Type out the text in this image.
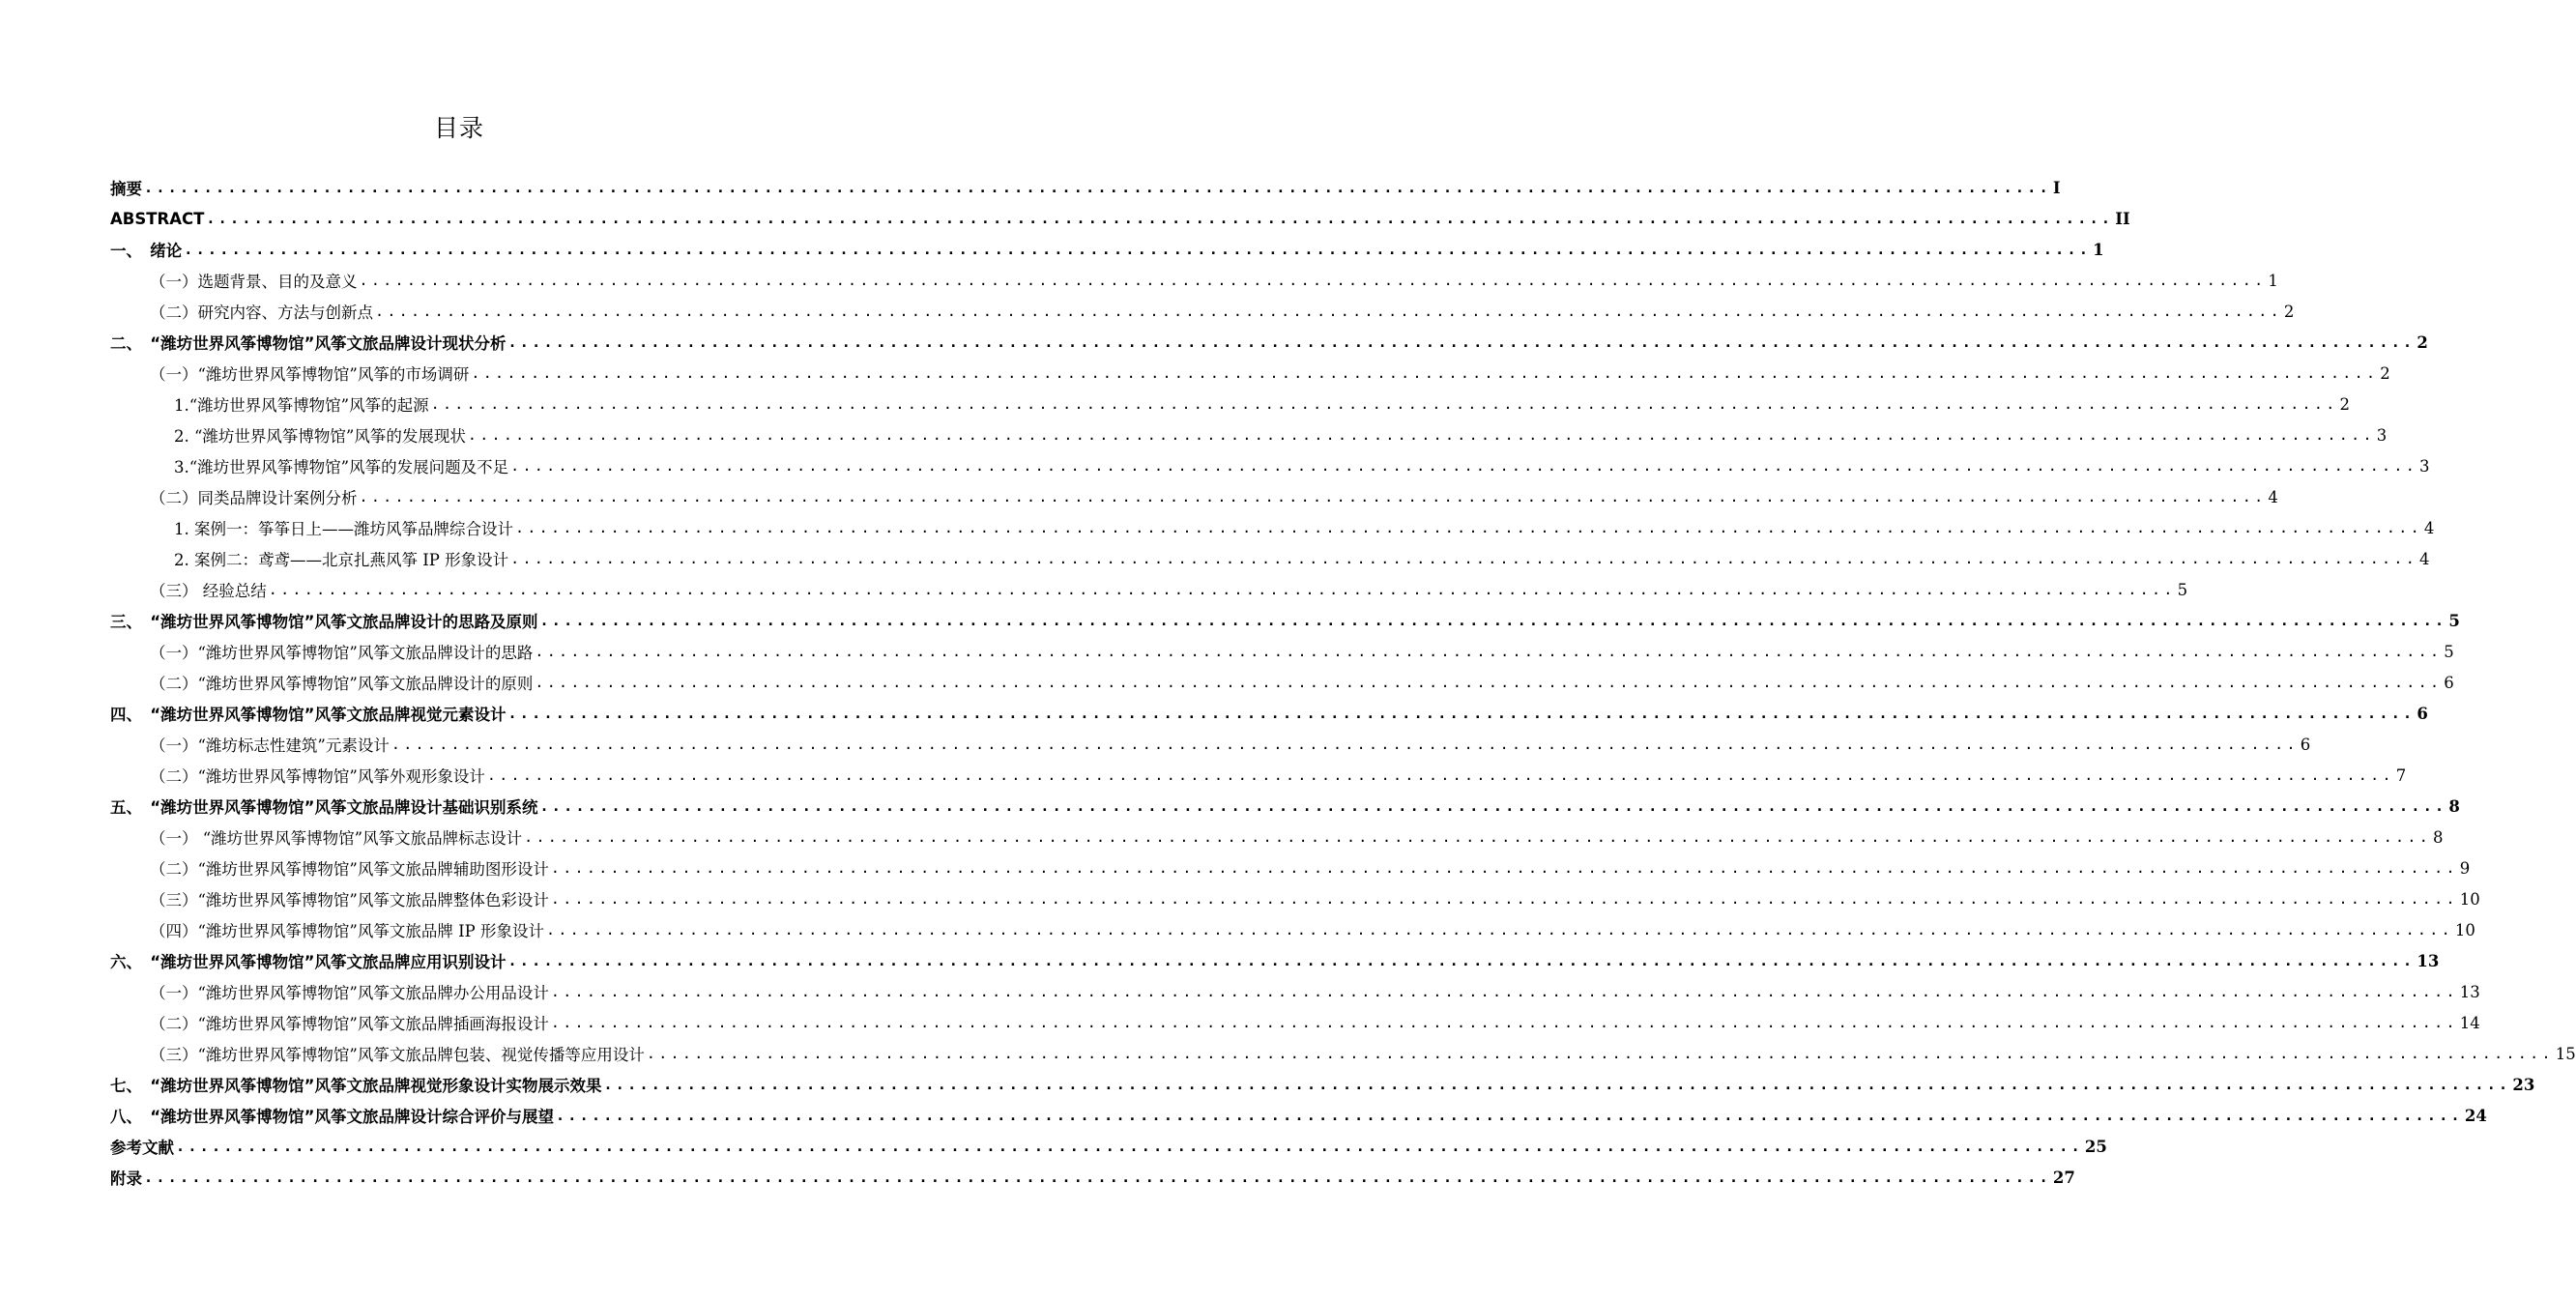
目录
摘要 ................................................................................................................................................................ I
ABSTRACT ................................................................................................................................................................ II
一、　绪论 ................................................................................................................................................................ 1
（一）选题背景、目的及意义 ................................................................................................................................................................ 1
（二）研究内容、方法与创新点 ................................................................................................................................................................ 2
二、　“潍坊世界风筝博物馆”风筝文旅品牌设计现状分析 ................................................................................................................................................................ 2
（一）“潍坊世界风筝博物馆”风筝的市场调研 ................................................................................................................................................................ 2
1.“潍坊世界风筝博物馆”风筝的起源 ................................................................................................................................................................ 2
2. “潍坊世界风筝博物馆”风筝的发展现状 ................................................................................................................................................................ 3
3.“潍坊世界风筝博物馆”风筝的发展问题及不足 ................................................................................................................................................................ 3
（二）同类品牌设计案例分析 ................................................................................................................................................................ 4
1. 案例一：筝筝日上——潍坊风筝品牌综合设计 ................................................................................................................................................................ 4
2. 案例二：鸢鸢——北京扎燕风筝 IP 形象设计 ................................................................................................................................................................ 4
（三） 经验总结 ................................................................................................................................................................ 5
三、　“潍坊世界风筝博物馆”风筝文旅品牌设计的思路及原则 ................................................................................................................................................................ 5
（一）“潍坊世界风筝博物馆”风筝文旅品牌设计的思路 ................................................................................................................................................................ 5
（二）“潍坊世界风筝博物馆”风筝文旅品牌设计的原则 ................................................................................................................................................................ 6
四、　“潍坊世界风筝博物馆”风筝文旅品牌视觉元素设计 ................................................................................................................................................................ 6
（一）“潍坊标志性建筑”元素设计 ................................................................................................................................................................ 6
（二）“潍坊世界风筝博物馆”风筝外观形象设计 ................................................................................................................................................................ 7
五、　“潍坊世界风筝博物馆”风筝文旅品牌设计基础识别系统 ................................................................................................................................................................ 8
（一） “潍坊世界风筝博物馆”风筝文旅品牌标志设计 ................................................................................................................................................................ 8
（二）“潍坊世界风筝博物馆”风筝文旅品牌辅助图形设计 ................................................................................................................................................................ 9
（三）“潍坊世界风筝博物馆”风筝文旅品牌整体色彩设计 ................................................................................................................................................................ 10
（四）“潍坊世界风筝博物馆”风筝文旅品牌 IP 形象设计 ................................................................................................................................................................ 10
六、　“潍坊世界风筝博物馆”风筝文旅品牌应用识别设计 ................................................................................................................................................................ 13
（一）“潍坊世界风筝博物馆”风筝文旅品牌办公用品设计 ................................................................................................................................................................ 13
（二）“潍坊世界风筝博物馆”风筝文旅品牌插画海报设计 ................................................................................................................................................................ 14
（三）“潍坊世界风筝博物馆”风筝文旅品牌包装、视觉传播等应用设计 ................................................................................................................................................................ 15
七、　“潍坊世界风筝博物馆”风筝文旅品牌视觉形象设计实物展示效果 ................................................................................................................................................................ 23
八、　“潍坊世界风筝博物馆”风筝文旅品牌设计综合评价与展望 ................................................................................................................................................................ 24
参考文献 ................................................................................................................................................................ 25
附录 ................................................................................................................................................................ 27
